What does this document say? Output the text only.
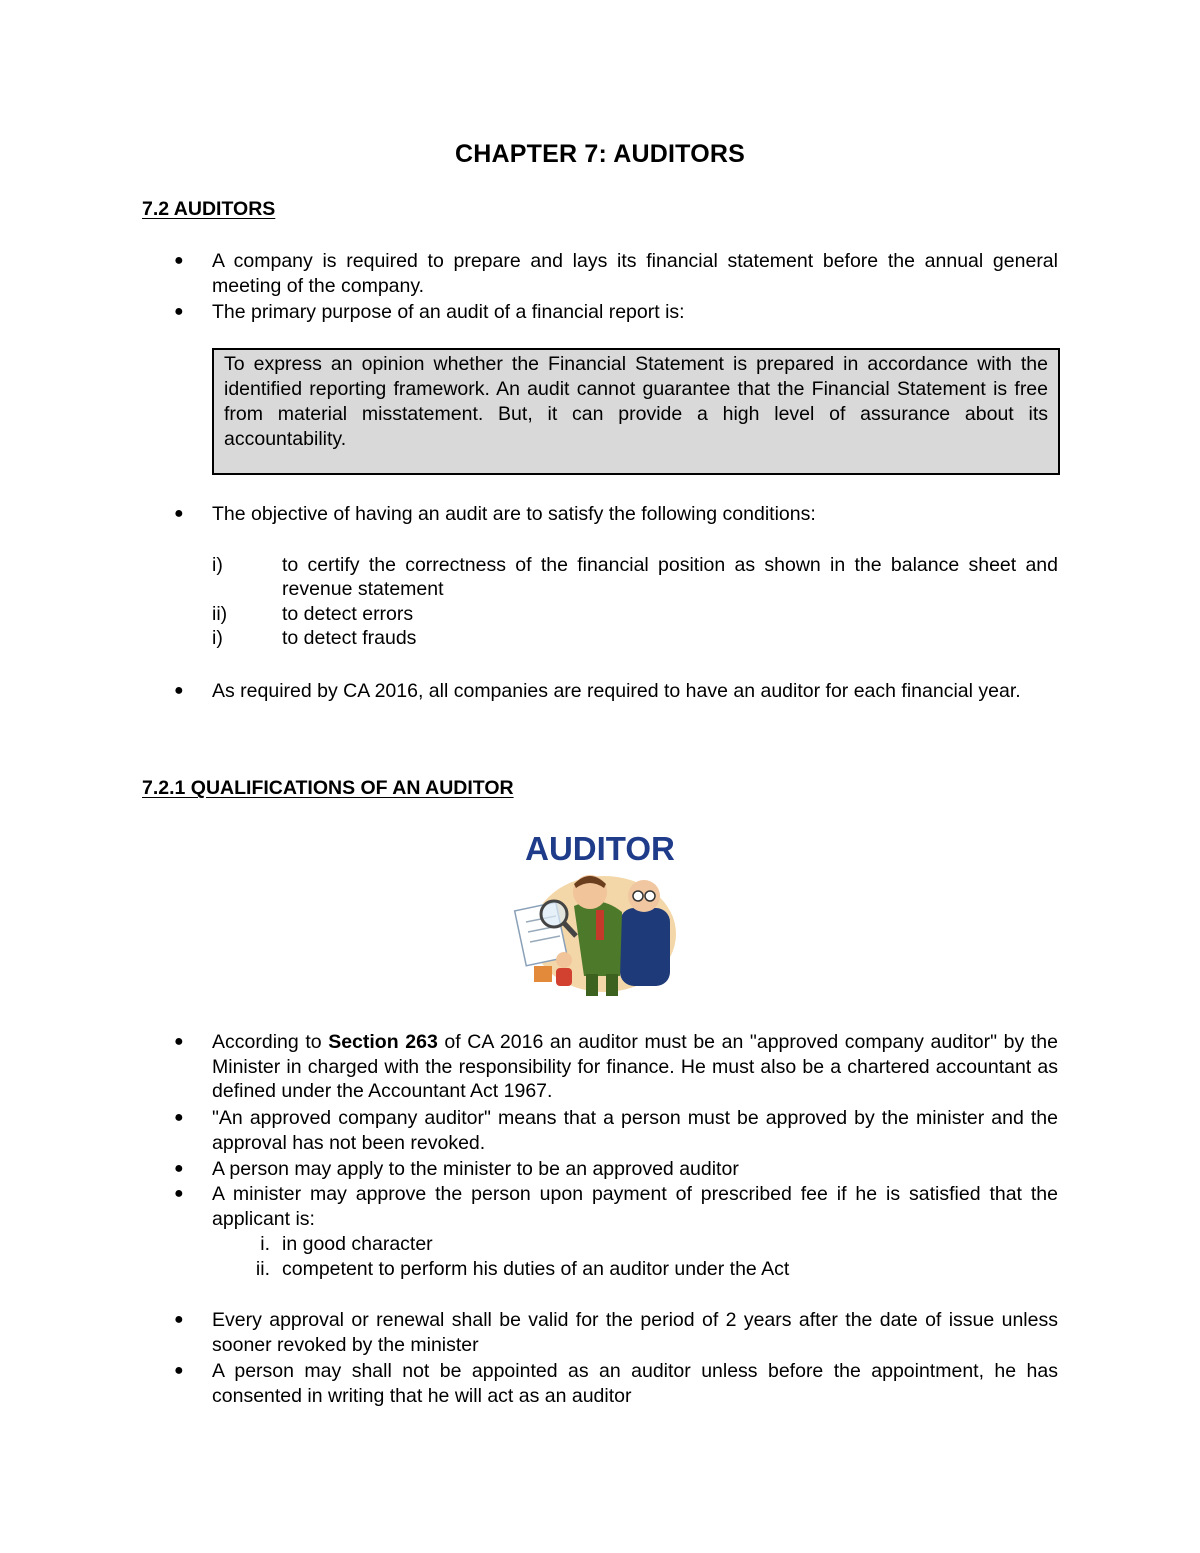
CHAPTER 7: AUDITORS
7.2 AUDITORS
● A company is required to prepare and lays its financial statement before the annual general meeting of the company.
● The primary purpose of an audit of a financial report is:
To express an opinion whether the Financial Statement is prepared in accordance with the identified reporting framework. An audit cannot guarantee that the Financial Statement is free from material misstatement. But, it can provide a high level of assurance about its accountability.
● The objective of having an audit are to satisfy the following conditions:
i)	to certify the correctness of the financial position as shown in the balance sheet and revenue statement
ii)	to detect errors
i)	to detect frauds
● As required by CA 2016, all companies are required to have an auditor for each financial year.
7.2.1 QUALIFICATIONS OF AN AUDITOR
AUDITOR
● According to Section 263 of CA 2016 an auditor must be an "approved company auditor" by the Minister in charged with the responsibility for finance. He must also be a chartered accountant as defined under the Accountant Act 1967.
● "An approved company auditor" means that a person must be approved by the minister and the approval has not been revoked.
● A person may apply to the minister to be an approved auditor
● A minister may approve the person upon payment of prescribed fee if he is satisfied that the applicant is:
i. in good character
ii. competent to perform his duties of an auditor under the Act
● Every approval or renewal shall be valid for the period of 2 years after the date of issue unless sooner revoked by the minister
● A person may shall not be appointed as an auditor unless before the appointment, he has consented in writing that he will act as an auditor
